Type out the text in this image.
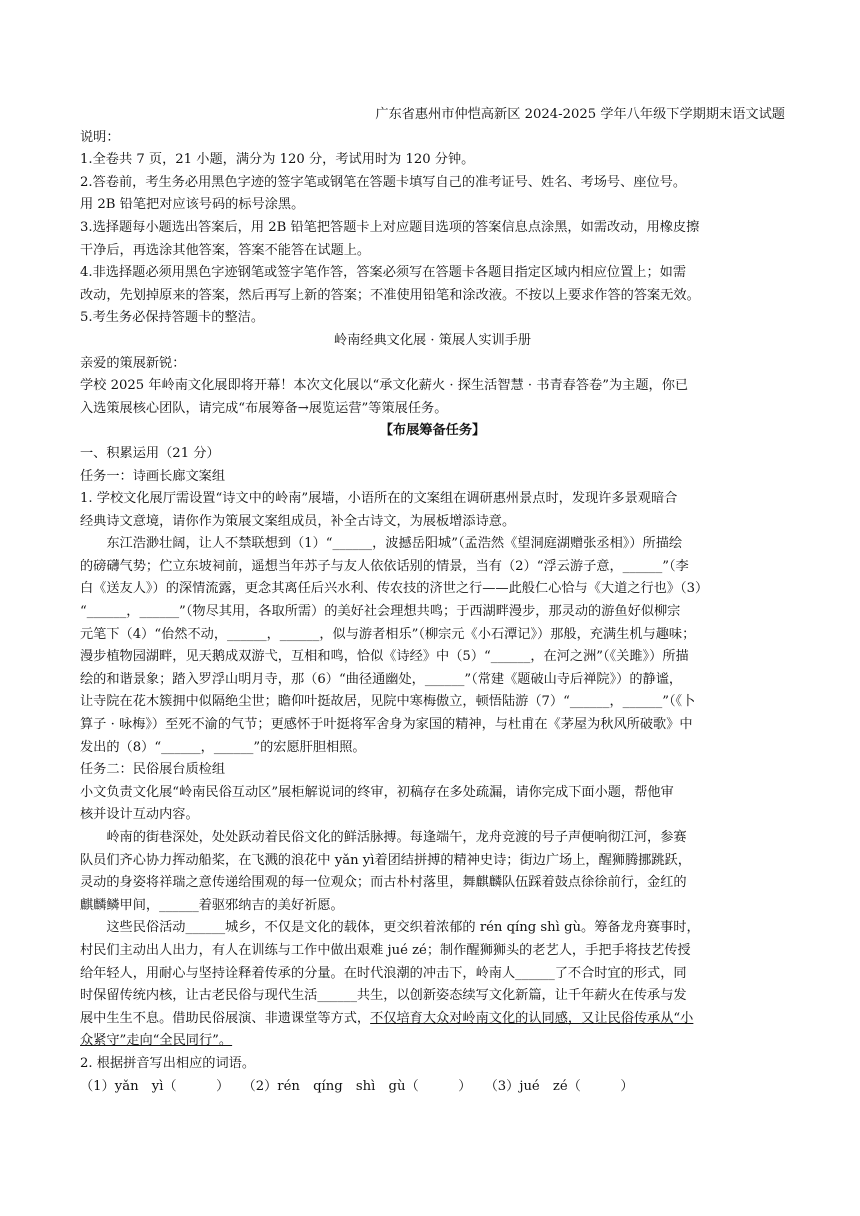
广东省惠州市仲恺高新区 2024-2025 学年八年级下学期期末语文试题
说明：
1.全卷共 7 页，21 小题，满分为 120 分，考试用时为 120 分钟。
2.答卷前，考生务必用黑色字迹的签字笔或钢笔在答题卡填写自己的准考证号、姓名、考场号、座位号。
用 2B 铅笔把对应该号码的标号涂黑。
3.选择题每小题选出答案后，用 2B 铅笔把答题卡上对应题目选项的答案信息点涂黑，如需改动，用橡皮擦
干净后，再选涂其他答案，答案不能答在试题上。
4.非选择题必须用黑色字迹钢笔或签字笔作答，答案必须写在答题卡各题目指定区域内相应位置上；如需
改动，先划掉原来的答案，然后再写上新的答案；不准使用铅笔和涂改液。不按以上要求作答的答案无效。
5.考生务必保持答题卡的整洁。
岭南经典文化展 · 策展人实训手册
亲爱的策展新锐：
学校 2025 年岭南文化展即将开幕！本次文化展以“承文化薪火 · 探生活智慧 · 书青春答卷”为主题，你已
入选策展核心团队，请完成“布展筹备→展览运营”等策展任务。
【布展筹备任务】
一、积累运用（21 分）
任务一：诗画长廊文案组
1. 学校文化展厅需设置“诗文中的岭南”展墙，小语所在的文案组在调研惠州景点时，发现许多景观暗合
经典诗文意境，请你作为策展文案组成员，补全古诗文，为展板增添诗意。
　　东江浩渺壮阔，让人不禁联想到（1）“______，波撼岳阳城”（孟浩然《望洞庭湖赠张丞相》）所描绘
的磅礴气势；伫立东坡祠前，遥想当年苏子与友人依依话别的情景，当有（2）“浮云游子意，______”（李
白《送友人》）的深情流露，更念其离任后兴水利、传农技的济世之行——此般仁心恰与《大道之行也》（3）
“______，______”（物尽其用，各取所需）的美好社会理想共鸣；于西湖畔漫步，那灵动的游鱼好似柳宗
元笔下（4）“佁然不动，______，______，似与游者相乐”（柳宗元《小石潭记》）那般，充满生机与趣味；
漫步植物园湖畔，见天鹅成双游弋，互相和鸣，恰似《诗经》中（5）“______，在河之洲”（《关雎》）所描
绘的和谐景象；踏入罗浮山明月寺，那（6）“曲径通幽处，______”（常建《题破山寺后禅院》）的静谧，
让寺院在花木簇拥中似隔绝尘世；瞻仰叶挺故居，见院中寒梅傲立，顿悟陆游（7）“______，______”（《卜
算子 · 咏梅》）至死不渝的气节；更感怀于叶挺将军舍身为家国的精神，与杜甫在《茅屋为秋风所破歌》中
发出的（8）“______，______”的宏愿肝胆相照。
任务二：民俗展台质检组
小文负责文化展“岭南民俗互动区”展柜解说词的终审，初稿存在多处疏漏，请你完成下面小题，帮他审
核并设计互动内容。
　　岭南的街巷深处，处处跃动着民俗文化的鲜活脉搏。每逢端午，龙舟竞渡的号子声便响彻江河，参赛
队员们齐心协力挥动船桨，在飞溅的浪花中 yǎn yì着团结拼搏的精神史诗；街边广场上，醒狮腾挪跳跃，
灵动的身姿将祥瑞之意传递给围观的每一位观众；而古朴村落里，舞麒麟队伍踩着鼓点徐徐前行，金红的
麒麟鳞甲间，______着驱邪纳吉的美好祈愿。
　　这些民俗活动______城乡，不仅是文化的载体，更交织着浓郁的 rén qíng shì gù。筹备龙舟赛事时，
村民们主动出人出力，有人在训练与工作中做出艰难 jué zé；制作醒狮狮头的老艺人，手把手将技艺传授
给年轻人，用耐心与坚持诠释着传承的分量。在时代浪潮的冲击下，岭南人______了不合时宜的形式，同
时保留传统内核，让古老民俗与现代生活______共生，以创新姿态续写文化新篇，让千年薪火在传承与发
展中生生不息。借助民俗展演、非遗课堂等方式，不仅培育大众对岭南文化的认同感，又让民俗传承从“小
众紧守”走向“全民同行”。
2. 根据拼音写出相应的词语。
（1）yǎn　yì（　　　）　　（2）rén　qíng　shì　gù（　　　）　　（3）jué　zé（　　　）
